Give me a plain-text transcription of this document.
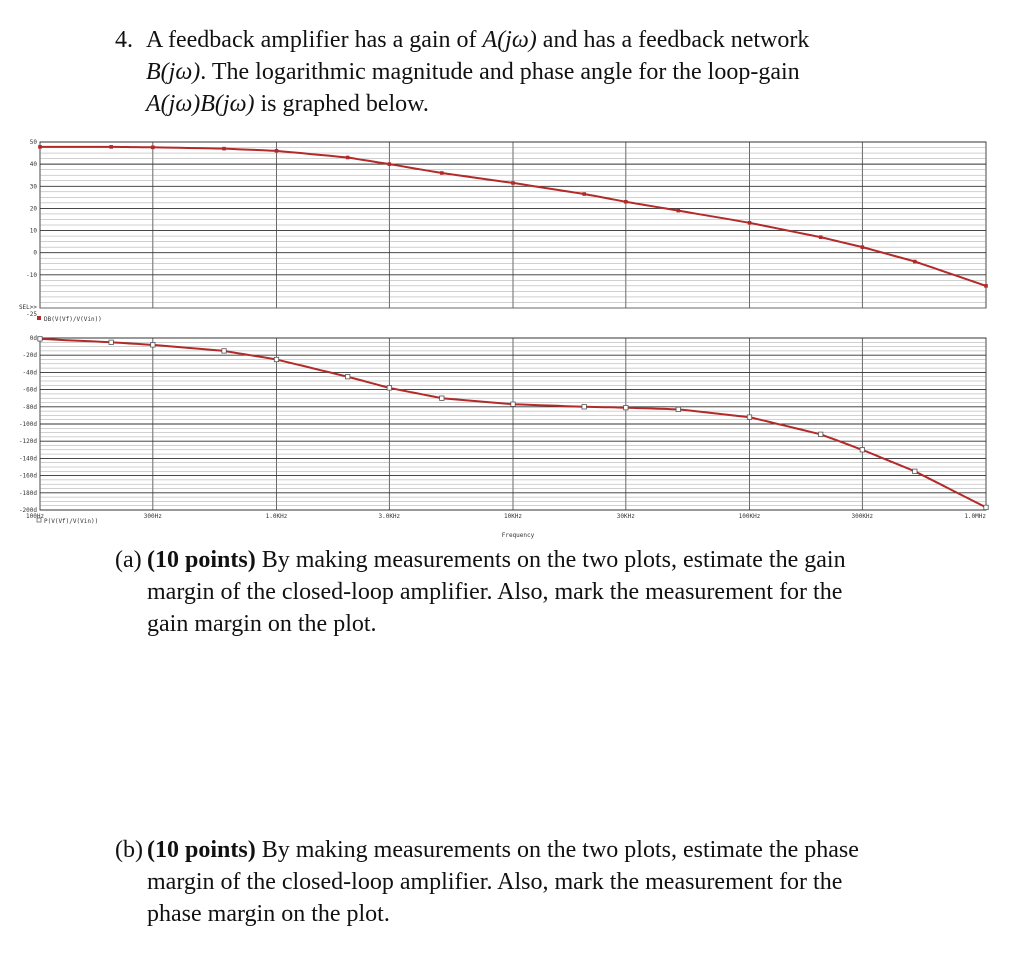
4. A feedback amplifier has a gain of A(jω) and has a feedback network
B(jω). The logarithmic magnitude and phase angle for the loop-gain
A(jω)B(jω) is graphed below.
-10
0
10
20
30
40
50
-25
SEL>>
DB(V(Vf)/V(Vin))
0d
-20d
-40d
-60d
-80d
-100d
-120d
-140d
-160d
-180d
-200d
P(V(Vf)/V(Vin))
100Hz	300Hz	1.0KHz	3.0KHz	10KHz	30KHz	100KHz	300KHz	1.0MHz
Frequency
(a) (10 points) By making measurements on the two plots, estimate the gain
margin of the closed-loop amplifier. Also, mark the measurement for the
gain margin on the plot.
(b) (10 points) By making measurements on the two plots, estimate the phase
margin of the closed-loop amplifier. Also, mark the measurement for the
phase margin on the plot.
